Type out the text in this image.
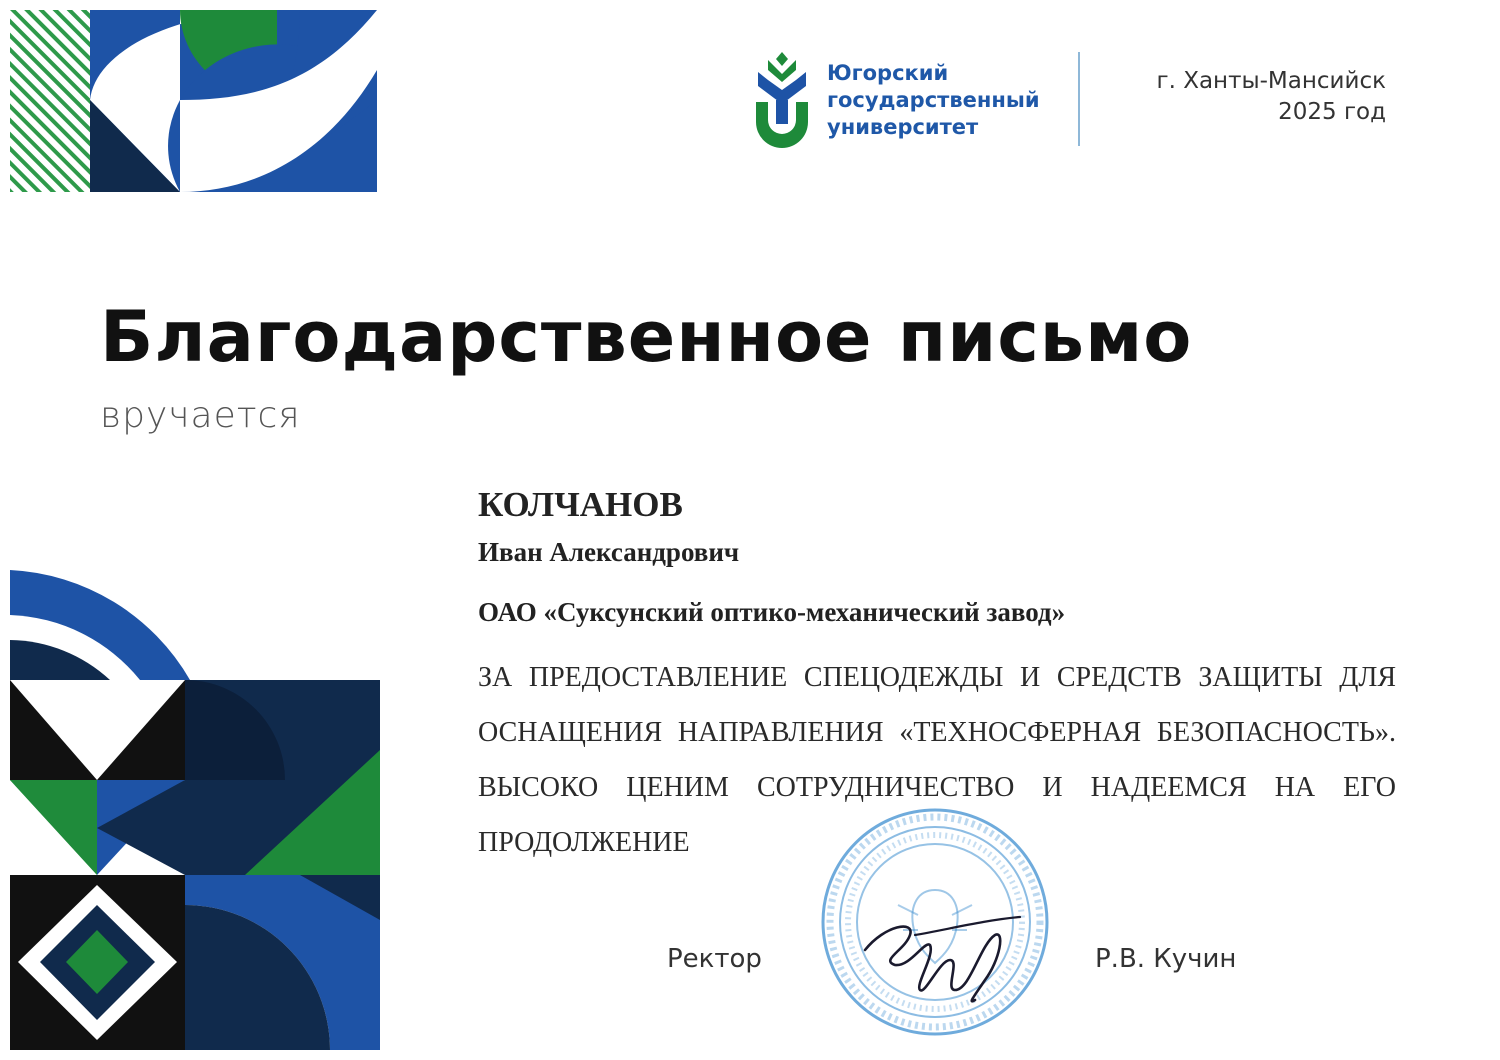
Югорский
государственный
университет
г. Ханты-Мансийск
2025 год
Благодарственное письмо
вручается
КОЛЧАНОВ
Иван Александрович
ОАО «Суксунский оптико-механический завод»
ЗА ПРЕДОСТАВЛЕНИЕ СПЕЦОДЕЖДЫ И СРЕДСТВ ЗАЩИТЫ ДЛЯ ОСНАЩЕНИЯ НАПРАВЛЕНИЯ «ТЕХНОСФЕРНАЯ БЕЗОПАСНОСТЬ». ВЫСОКО ЦЕНИМ СОТРУДНИЧЕСТВО И НАДЕЕМСЯ НА ЕГО ПРОДОЛЖЕНИЕ
Ректор	Р.В. Кучин
